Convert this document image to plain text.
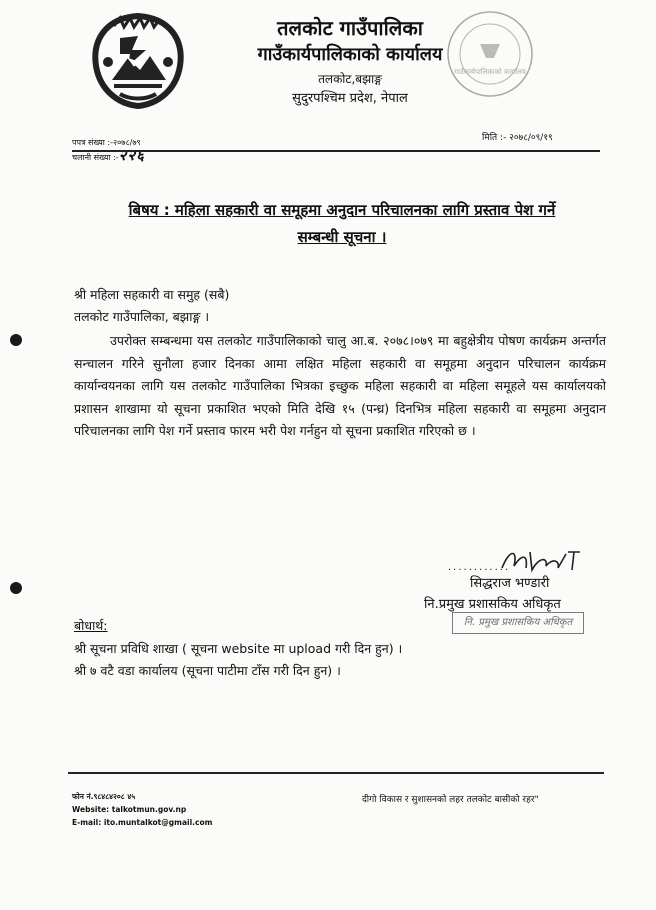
तलकोट गाउँपालिका
गाउँकार्यपालिकाको कार्यालय
तलकोट,बझाङ्ग
सुदुरपश्चिम प्रदेश, नेपाल
गाउँकार्यपालिकाको कार्यालय
पपत्र संख्या :-२०७८/७९
चलानी संख्या :-२२६
मिति :- २०७८/०९/१९
बिषय : महिला सहकारी वा समूहमा अनुदान परिचालनका लागि प्रस्ताव पेश गर्ने
सम्बन्धी सूचना ।
श्री महिला सहकारी वा समुह (सबै)
तलकोट गाउँपालिका, बझाङ्ग ।
उपरोक्त सम्बन्धमा यस तलकोट गाउँपालिकाको चालु आ.ब. २०७८।०७९ मा बहुक्षेत्रीय पोषण कार्यक्रम अन्तर्गत सन्चालन गरिने सुनौला हजार दिनका आमा लक्षित महिला सहकारी वा समूहमा अनुदान परिचालन कार्यक्रम कार्यान्वयनका लागि यस तलकोट गाउँपालिका भित्रका इच्छुक महिला सहकारी वा महिला समूहले यस कार्यालयको प्रशासन शाखामा यो सूचना प्रकाशित भएको मिति देखि १५ (पन्ध्र) दिनभित्र महिला सहकारी वा समूहमा अनुदान परिचालनका लागि पेश गर्ने प्रस्ताव फारम भरी पेश गर्नहुन यो सूचना प्रकाशित गरिएको छ ।
............
सिद्धराज भण्डारी
नि.प्रमुख प्रशासकिय अधिकृत
नि. प्रमुख प्रशासकिय अधिकृत
बोधार्थ:
श्री सूचना प्रविधि शाखा ( सूचना website मा upload गरी दिन हुन) ।
श्री ७ वटै वडा कार्यालय (सूचना पाटीमा टाँस गरी दिन हुन) ।
फोन नं.९८४८४२०८ ४५
Website: talkotmun.gov.np
E-mail: ito.muntalkot@gmail.com
दीगो विकास र सुशासनको लहर तलकोट बासीको रहर"
